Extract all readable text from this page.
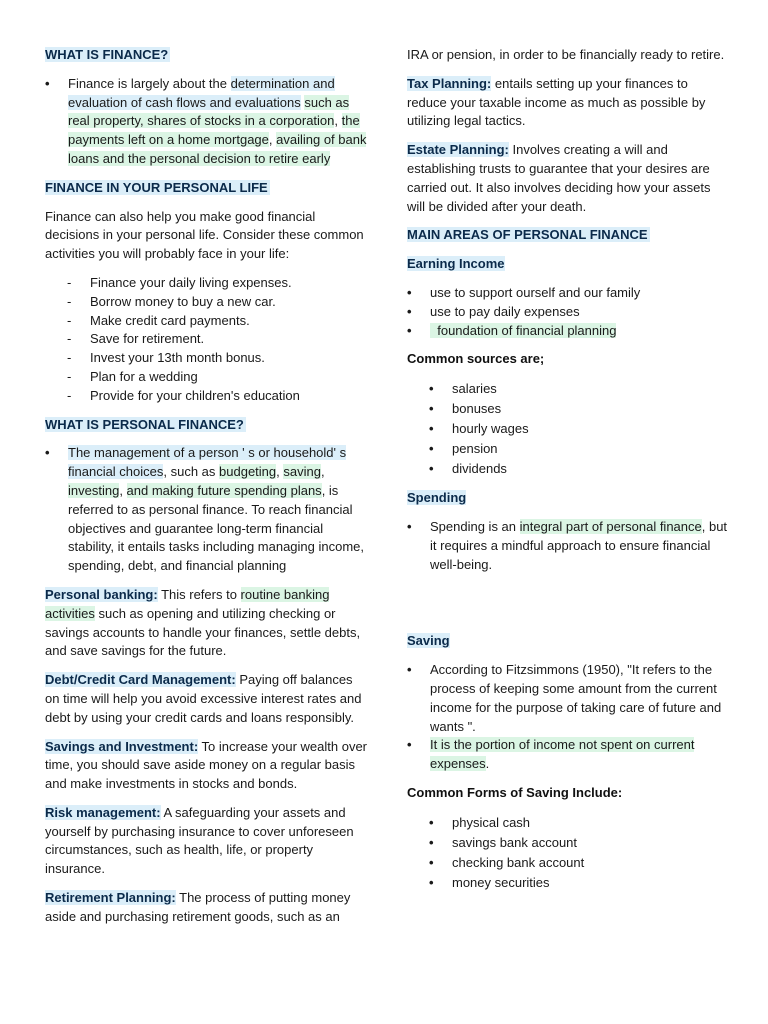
WHAT IS FINANCE?
• Finance is largely about the determination and evaluation of cash flows and evaluations such as real property, shares of stocks in a corporation, the payments left on a home mortgage, availing of bank loans and the personal decision to retire early
FINANCE IN YOUR PERSONAL LIFE

Finance can also help you make good financial decisions in your personal life. Consider these common activities you will probably face in your life:

- Finance your daily living expenses.
- Borrow money to buy a new car.
- Make credit card payments.
- Save for retirement.
- Invest your 13th month bonus.
- Plan for a wedding
- Provide for your children's education
WHAT IS PERSONAL FINANCE?
• The management of a person ' s or household' s financial choices, such as budgeting, saving, investing, and making future spending plans, is referred to as personal finance. To reach financial objectives and guarantee long-term financial stability, it entails tasks including managing income, spending, debt, and financial planning

Personal banking: This refers to routine banking activities such as opening and utilizing checking or savings accounts to handle your finances, settle debts, and save savings for the future.

Debt/Credit Card Management: Paying off balances on time will help you avoid excessive interest rates and debt by using your credit cards and loans responsibly.

Savings and Investment: To increase your wealth over time, you should save aside money on a regular basis and make investments in stocks and bonds.

Risk management: A safeguarding your assets and yourself by purchasing insurance to cover unforeseen circumstances, such as health, life, or property insurance.

Retirement Planning: The process of putting money aside and purchasing retirement goods, such as an

IRA or pension, in order to be financially ready to retire.

Tax Planning: entails setting up your finances to reduce your taxable income as much as possible by utilizing legal tactics.

Estate Planning: Involves creating a will and establishing trusts to guarantee that your desires are carried out. It also involves deciding how your assets will be divided after your death.

MAIN AREAS OF PERSONAL FINANCE
Earning Income
• use to support ourself and our family
• use to pay daily expenses
•   foundation of financial planning
Common sources are;
• salaries
• bonuses
• hourly wages
• pension
• dividends
Spending
• Spending is an integral part of personal finance, but it requires a mindful approach to ensure financial well-being.
Saving
• According to Fitzsimmons (1950), "It refers to the process of keeping some amount from the current income for the purpose of taking care of future and wants ".
• It is the portion of income not spent on current expenses.
Common Forms of Saving Include:
• physical cash
• savings bank account
• checking bank account
• money securities
